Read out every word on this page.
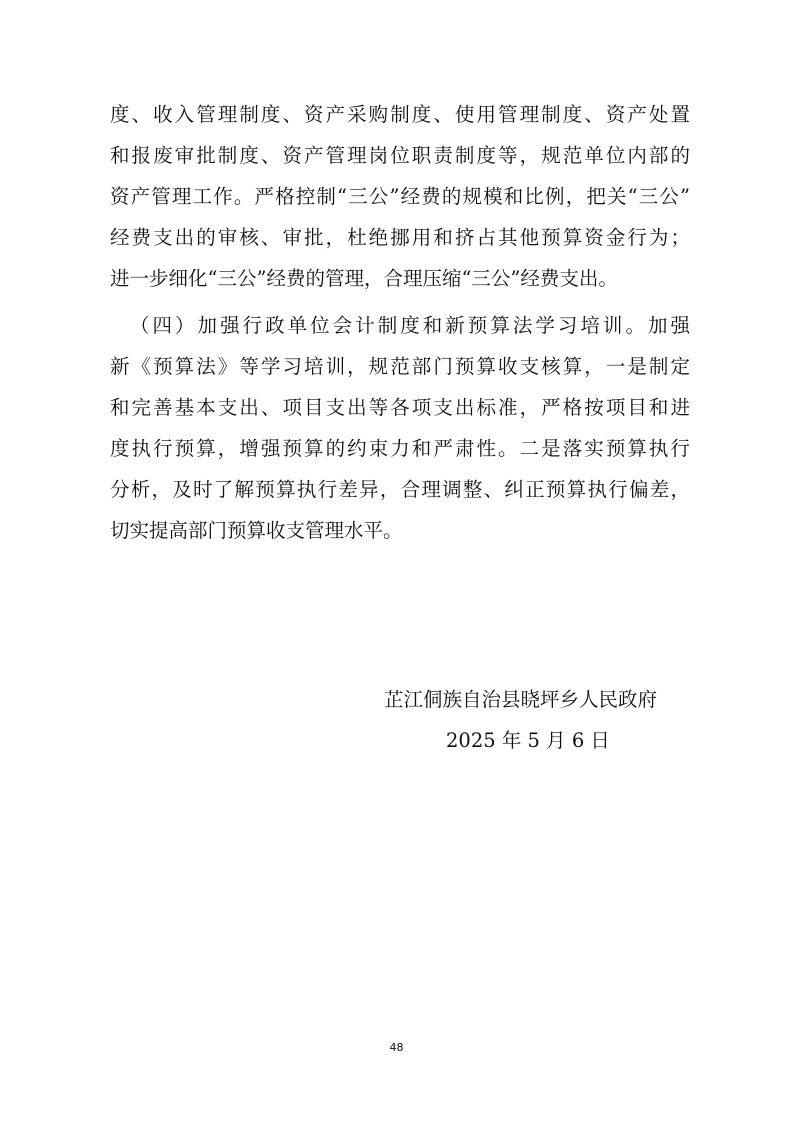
度、收入管理制度、资产采购制度、使用管理制度、资产处置
和报废审批制度、资产管理岗位职责制度等，规范单位内部的
资产管理工作。严格控制“三公”经费的规模和比例，把关“三公”
经费支出的审核、审批，杜绝挪用和挤占其他预算资金行为；
进一步细化“三公”经费的管理，合理压缩“三公”经费支出。
（四）加强行政单位会计制度和新预算法学习培训。加强
新《预算法》等学习培训，规范部门预算收支核算，一是制定
和完善基本支出、项目支出等各项支出标准，严格按项目和进
度执行预算，增强预算的约束力和严肃性。二是落实预算执行
分析，及时了解预算执行差异，合理调整、纠正预算执行偏差，
切实提高部门预算收支管理水平。
芷江侗族自治县晓坪乡人民政府
2025 年 5 月 6 日
48
